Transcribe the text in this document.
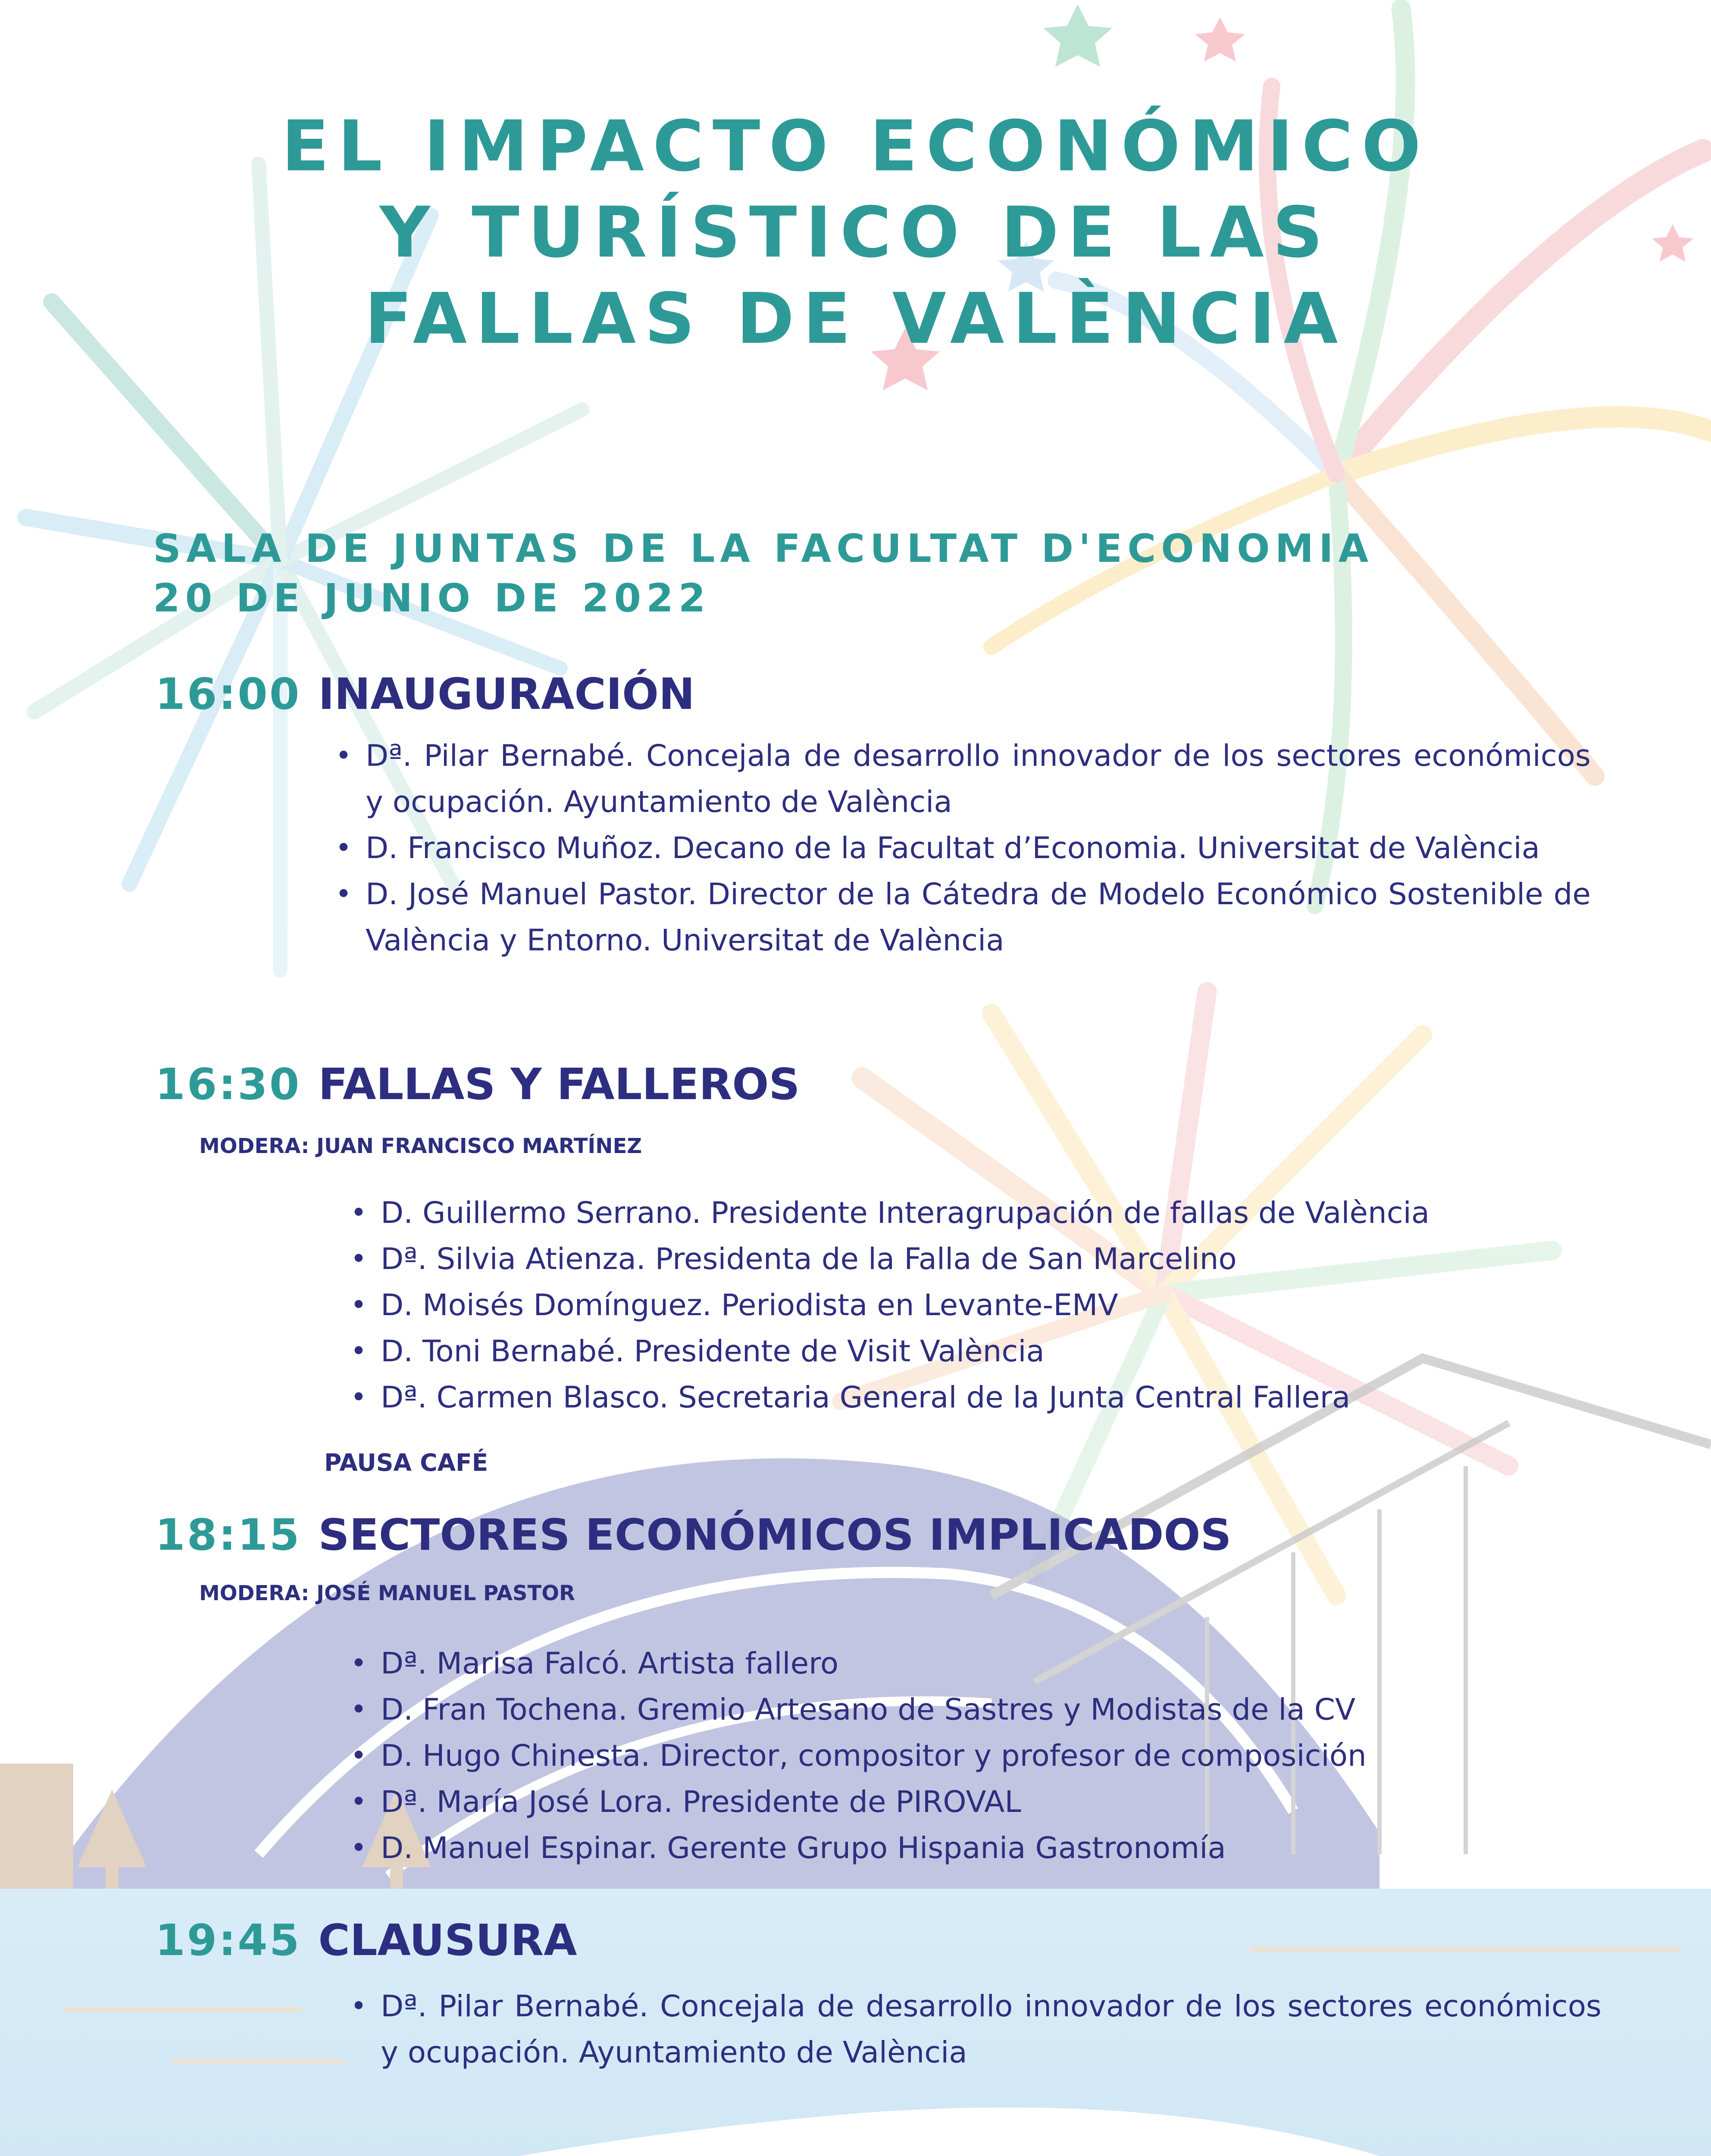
EL IMPACTO ECONÓMICO
Y TURÍSTICO DE LAS
FALLAS DE VALÈNCIA
SALA DE JUNTAS DE LA FACULTAT D'ECONOMIA
20 DE JUNIO DE 2022
16:00 INAUGURACIÓN
• Dª. Pilar Bernabé. Concejala de desarrollo innovador de los sectores económicos y ocupación. Ayuntamiento de València
• D. Francisco Muñoz. Decano de la Facultat d’Economia. Universitat de València
• D. José Manuel Pastor. Director de la Cátedra de Modelo Económico Sostenible de València y Entorno. Universitat de València
16:30 FALLAS Y FALLEROS
MODERA: JUAN FRANCISCO MARTÍNEZ
• D. Guillermo Serrano. Presidente Interagrupación de fallas de València
• Dª. Silvia Atienza. Presidenta de la Falla de San Marcelino
• D. Moisés Domínguez. Periodista en Levante-EMV
• D. Toni Bernabé. Presidente de Visit València
• Dª. Carmen Blasco. Secretaria General de la Junta Central Fallera
PAUSA CAFÉ
18:15 SECTORES ECONÓMICOS IMPLICADOS
MODERA: JOSÉ MANUEL PASTOR
• Dª. Marisa Falcó. Artista fallero
• D. Fran Tochena. Gremio Artesano de Sastres y Modistas de la CV
• D. Hugo Chinesta. Director, compositor y profesor de composición
• Dª. María José Lora. Presidente de PIROVAL
• D. Manuel Espinar. Gerente Grupo Hispania Gastronomía
19:45 CLAUSURA
• Dª. Pilar Bernabé. Concejala de desarrollo innovador de los sectores económicos y ocupación. Ayuntamiento de València
